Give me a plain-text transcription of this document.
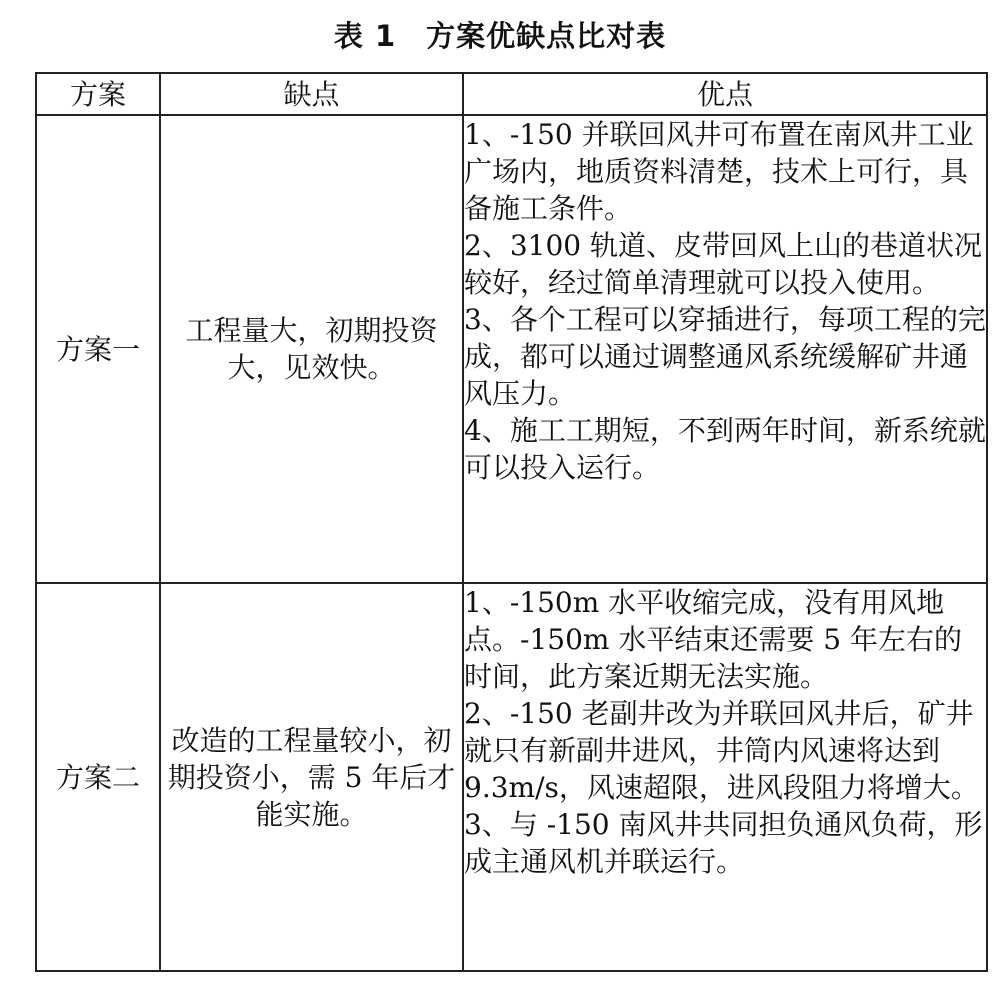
表 1　方案优缺点比对表
方案	缺点	优点
方案一	工程量大，初期投资大，见效快。	1、-150 并联回风井可布置在南风井工业广场内，地质资料清楚，技术上可行，具备施工条件。
2、3100 轨道、皮带回风上山的巷道状况较好，经过简单清理就可以投入使用。
3、各个工程可以穿插进行，每项工程的完成，都可以通过调整通风系统缓解矿井通风压力。
4、施工工期短，不到两年时间，新系统就可以投入运行。

方案二	改造的工程量较小，初期投资小，需 5 年后才能实施。	1、-150m 水平收缩完成，没有用风地点。-150m 水平结束还需要 5 年左右的时间，此方案近期无法实施。
2、-150 老副井改为并联回风井后，矿井就只有新副井进风，井筒内风速将达到 9.3m/s，风速超限，进风段阻力将增大。
3、与 -150 南风井共同担负通风负荷，形成主通风机并联运行。
